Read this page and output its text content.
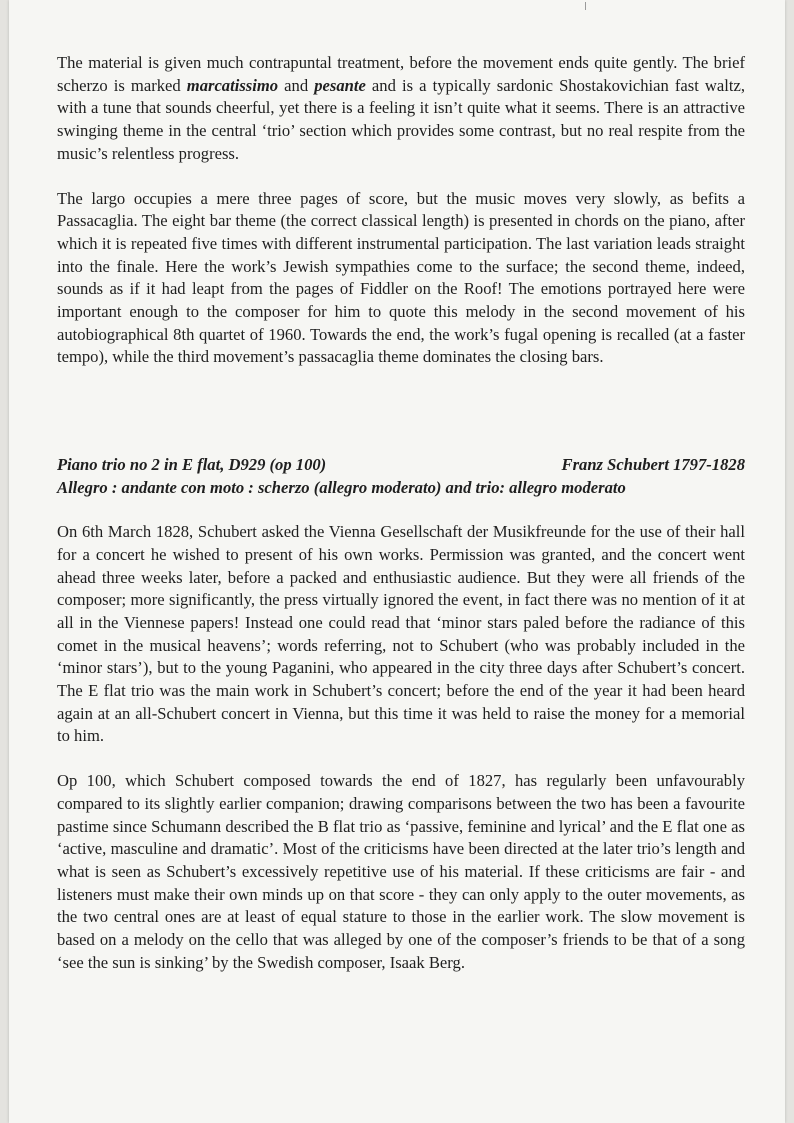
The material is given much contrapuntal treatment, before the movement ends quite gently. The brief scherzo is marked marcatissimo and pesante and is a typically sardonic Shostakovichian fast waltz, with a tune that sounds cheerful, yet there is a feeling it isn’t quite what it seems. There is an attractive swinging theme in the central ‘trio’ section which provides some contrast, but no real respite from the music’s relentless progress.

The largo occupies a mere three pages of score, but the music moves very slowly, as befits a Passacaglia. The eight bar theme (the correct classical length) is presented in chords on the piano, after which it is repeated five times with different instrumental participation. The last variation leads straight into the finale. Here the work’s Jewish sympathies come to the surface; the second theme, indeed, sounds as if it had leapt from the pages of Fiddler on the Roof! The emotions portrayed here were important enough to the composer for him to quote this melody in the second movement of his autobiographical 8th quartet of 1960. Towards the end, the work’s fugal opening is recalled (at a faster tempo), while the third movement’s passacaglia theme dominates the closing bars.

Piano trio no 2 in E flat, D929 (op 100)	Franz Schubert 1797-1828
Allegro : andante con moto : scherzo (allegro moderato) and trio: allegro moderato

On 6th March 1828, Schubert asked the Vienna Gesellschaft der Musikfreunde for the use of their hall for a concert he wished to present of his own works. Permission was granted, and the concert went ahead three weeks later, before a packed and enthusiastic audience. But they were all friends of the composer; more significantly, the press virtually ignored the event, in fact there was no mention of it at all in the Viennese papers! Instead one could read that ‘minor stars paled before the radiance of this comet in the musical heavens’; words referring, not to Schubert (who was probably included in the ‘minor stars’), but to the young Paganini, who appeared in the city three days after Schubert’s concert. The E flat trio was the main work in Schubert’s concert; before the end of the year it had been heard again at an all-Schubert concert in Vienna, but this time it was held to raise the money for a memorial to him.

Op 100, which Schubert composed towards the end of 1827, has regularly been unfavourably compared to its slightly earlier companion; drawing comparisons between the two has been a favourite pastime since Schumann described the B flat trio as ‘passive, feminine and lyrical’ and the E flat one as ‘active, masculine and dramatic’. Most of the criticisms have been directed at the later trio’s length and what is seen as Schubert’s excessively repetitive use of his material. If these criticisms are fair - and listeners must make their own minds up on that score - they can only apply to the outer movements, as the two central ones are at least of equal stature to those in the earlier work. The slow movement is based on a melody on the cello that was alleged by one of the composer’s friends to be that of a song ‘see the sun is sinking’ by the Swedish composer, Isaak Berg.
